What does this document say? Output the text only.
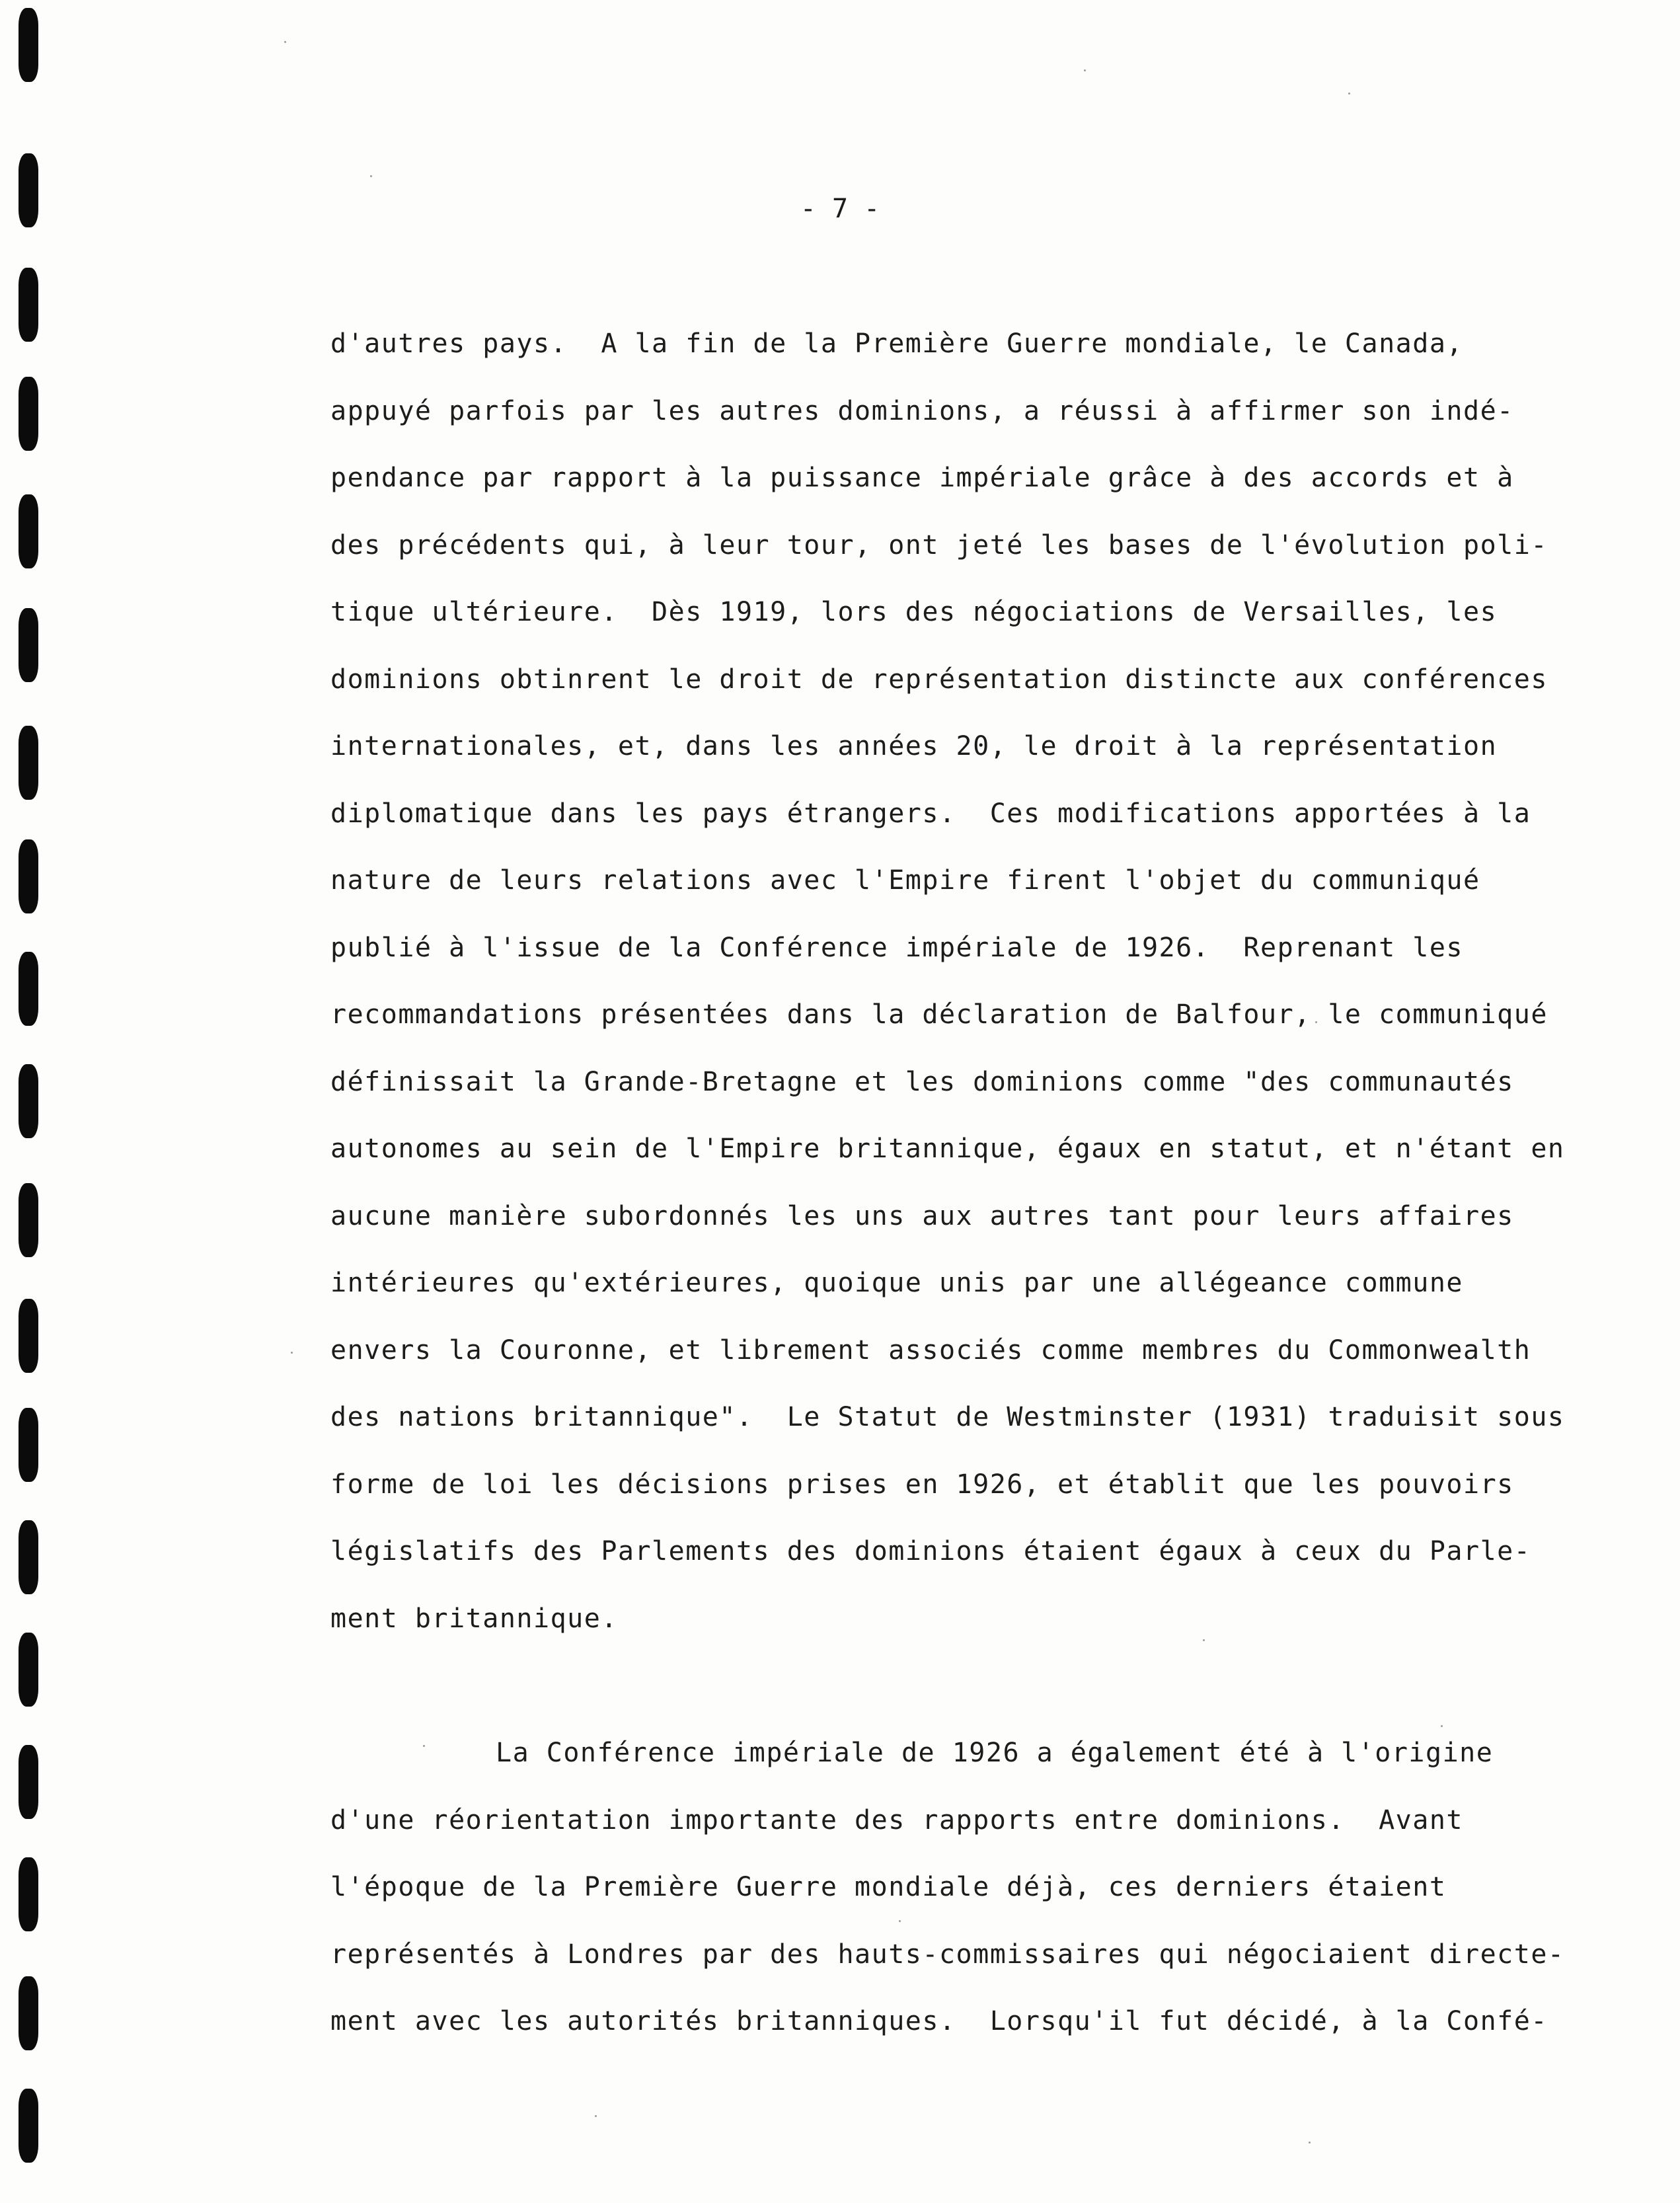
- 7 -
d'autres pays.  A la fin de la Première Guerre mondiale, le Canada,
appuyé parfois par les autres dominions, a réussi à affirmer son indé-
pendance par rapport à la puissance impériale grâce à des accords et à
des précédents qui, à leur tour, ont jeté les bases de l'évolution poli-
tique ultérieure.  Dès 1919, lors des négociations de Versailles, les
dominions obtinrent le droit de représentation distincte aux conférences
internationales, et, dans les années 20, le droit à la représentation
diplomatique dans les pays étrangers.  Ces modifications apportées à la
nature de leurs relations avec l'Empire firent l'objet du communiqué
publié à l'issue de la Conférence impériale de 1926.  Reprenant les
recommandations présentées dans la déclaration de Balfour, le communiqué
définissait la Grande-Bretagne et les dominions comme "des communautés
autonomes au sein de l'Empire britannique, égaux en statut, et n'étant en
aucune manière subordonnés les uns aux autres tant pour leurs affaires
intérieures qu'extérieures, quoique unis par une allégeance commune
envers la Couronne, et librement associés comme membres du Commonwealth
des nations britannique".  Le Statut de Westminster (1931) traduisit sous
forme de loi les décisions prises en 1926, et établit que les pouvoirs
législatifs des Parlements des dominions étaient égaux à ceux du Parle-
ment britannique.
La Conférence impériale de 1926 a également été à l'origine
d'une réorientation importante des rapports entre dominions.  Avant
l'époque de la Première Guerre mondiale déjà, ces derniers étaient
représentés à Londres par des hauts-commissaires qui négociaient directe-
ment avec les autorités britanniques.  Lorsqu'il fut décidé, à la Confé-
